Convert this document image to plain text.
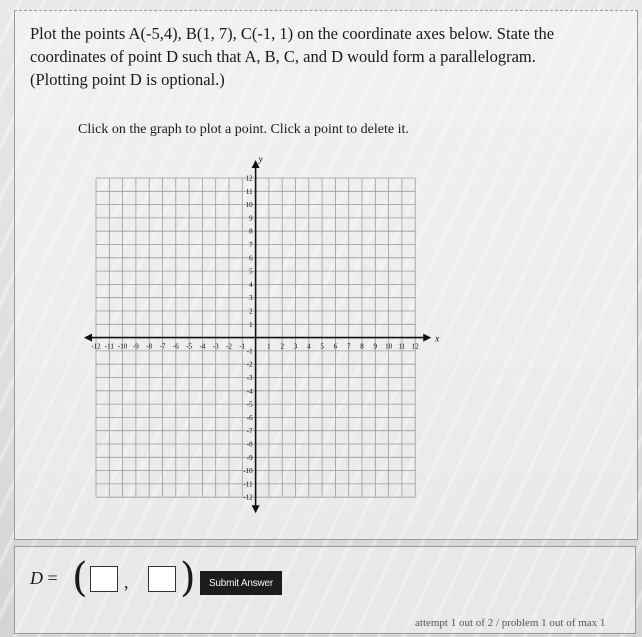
Plot the points A(-5,4), B(1, 7), C(-1, 1) on the coordinate axes below. State the
coordinates of point D such that A, B, C, and D would form a parallelogram.
(Plotting point D is optional.)
Click on the graph to plot a point. Click a point to delete it.
x
y
-12 -11 -10 -9 -8 -7 -6 -5 -4 -3 -2 -1	1 2 3 4 5 6 7 8 9 10 11 12
12
11
10
9
8
7
6
5
4
3
2
1
-1
-2
-3
-4
-5
-6
-7
-8
-9
-10
-11
-12
D = ( , )	Submit Answer
attempt 1 out of 2 / problem 1 out of max 1
